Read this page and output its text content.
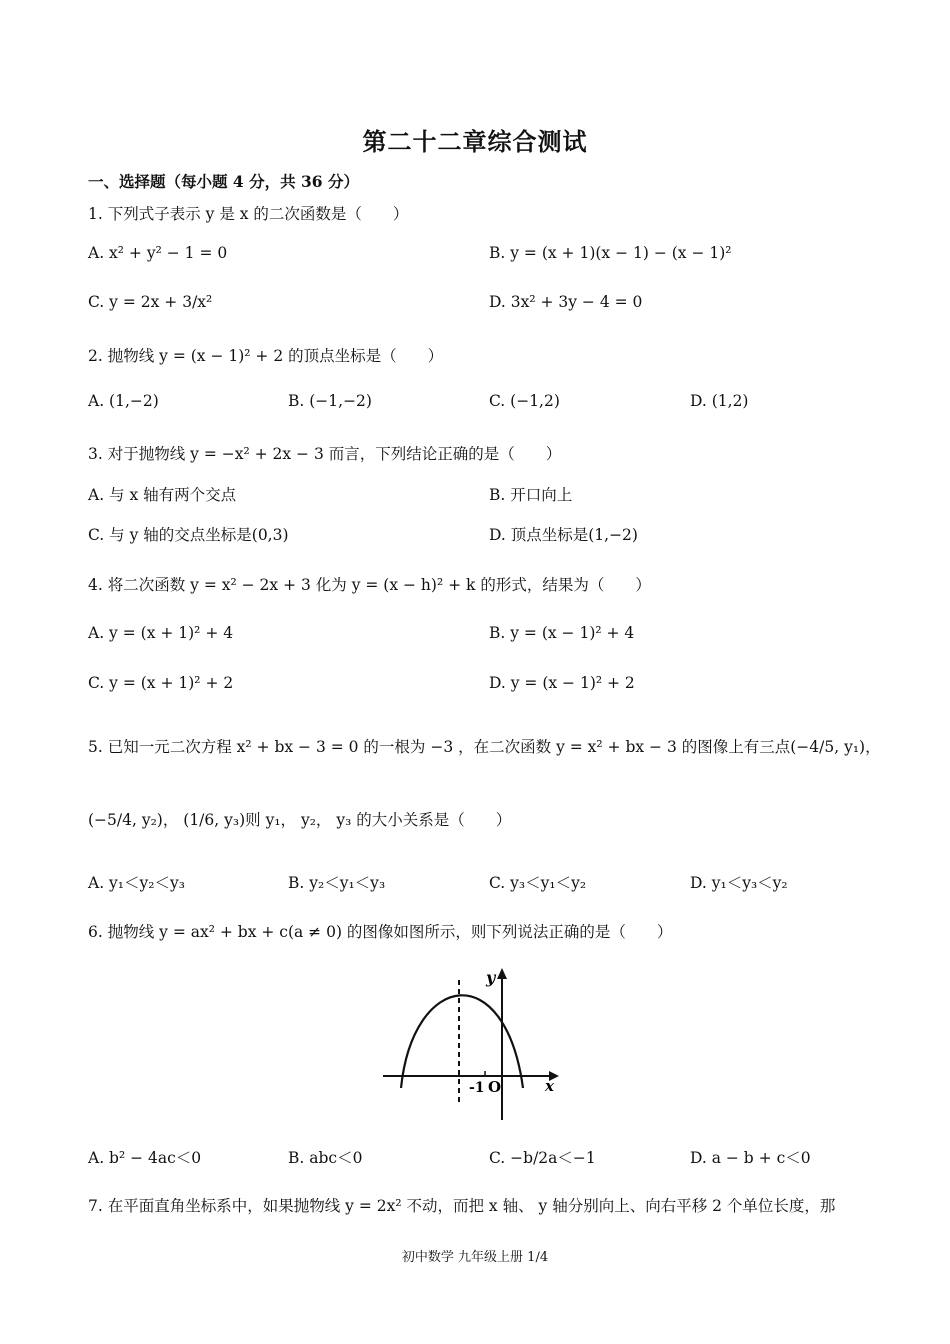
第二十二章综合测试
一、选择题（每小题 4 分，共 36 分）
1. 下列式子表示 y 是 x 的二次函数是（　　）
A. x² + y² − 1 = 0	B. y = (x + 1)(x − 1) − (x − 1)²
C. y = 2x + 3/x²	D. 3x² + 3y − 4 = 0
2. 抛物线 y = (x − 1)² + 2 的顶点坐标是（　　）
A. (1,−2)	B. (−1,−2)	C. (−1,2)	D. (1,2)
3. 对于抛物线 y = −x² + 2x − 3 而言，下列结论正确的是（　　）
A. 与 x 轴有两个交点	B. 开口向上
C. 与 y 轴的交点坐标是(0,3)	D. 顶点坐标是(1,−2)
4. 将二次函数 y = x² − 2x + 3 化为 y = (x − h)² + k 的形式，结果为（　　）
A. y = (x + 1)² + 4	B. y = (x − 1)² + 4
C. y = (x + 1)² + 2	D. y = (x − 1)² + 2
5. 已知一元二次方程 x² + bx − 3 = 0 的一根为 −3 ，在二次函数 y = x² + bx − 3 的图像上有三点(−4/5, y₁)，
(−5/4, y₂)， (1/6, y₃)则 y₁， y₂， y₃ 的大小关系是（　　）
A. y₁＜y₂＜y₃	B. y₂＜y₁＜y₃	C. y₃＜y₁＜y₂	D. y₁＜y₃＜y₂
6. 抛物线 y = ax² + bx + c(a ≠ 0) 的图像如图所示，则下列说法正确的是（　　）
y
x
-1 O
A. b² − 4ac＜0	B. abc＜0	C. −b/2a＜−1	D. a − b + c＜0
7. 在平面直角坐标系中，如果抛物线 y = 2x² 不动，而把 x 轴、 y 轴分别向上、向右平移 2 个单位长度，那
初中数学 九年级上册 1/4
